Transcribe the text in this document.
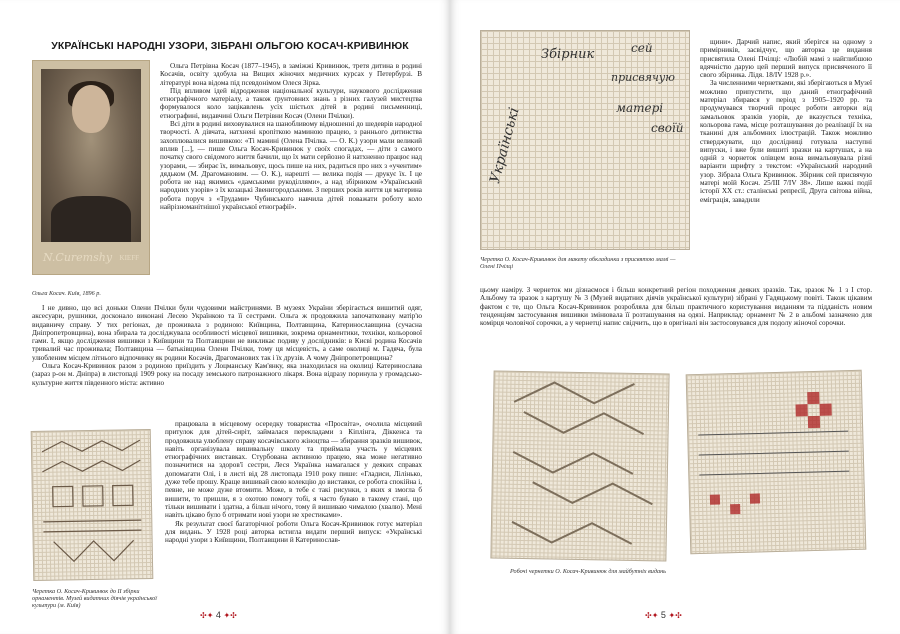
УКРАЇНСЬКІ НАРОДНІ УЗОРИ, ЗІБРАНІ ОЛЬГОЮ КОСАЧ-КРИВИНЮК
N.Curemshy KIEFF
Ольга Косач. Київ, 1896 р.

Ольга Петрівна Косач (1877–1945), в заміжжі Кривинюк, третя дитина в родині Косачів, освіту здобула на Вищих жіночих медичних курсах у Петербурзі. В літературі вона відома під псевдонімом Олеся Зірка.

Під впливом ідей відродження національної культури, наукового дослідження етнографічного матеріалу, а також ґрунтовних знань з різних галузей мистецтва формувалося коло зацікавлень усіх шістьох дітей в родині письменниці, етнографині, видавчині Ольги Петрівни Косач (Олени Пчілки).

Всі діти в родині виховувалися на шанобливому відношенні до шедеврів народної творчості. А дівчата, натхнені кропіткою маминою працею, з раннього дитинства захоплювалися вишивкою: «Ті мамині (Олена Пчілка. — О. К.) узори мали великий вплив [...], — пише Ольга Косач-Кривинюк у своїх спогадах, — діти з самого початку свого свідомого життя бачили, що їх мати серйозно й натхненно працює над узорами, — збирає їх, вимальовує, щось пише на них, радиться про них з «учентим» дядьком (М. Драгомановим. — О. К.), нарешті — велика подія — друкує їх. І це робота не над якимись «дамськими рукоділлями», а над збірником «Український народних узорів» з їх козацькі Звенигородськими. З перших років життя ця материна робота поруч з «Трудами» Чубинського навчила дітей поважати роботу коло найрізноманітнішої української етнографії».

І не дивно, що всі доньки Олени Пчілки були чудовими майстринями. В музеях України зберігається вишитий одяг, аксесуари, рушники, досконало виконані Лесею Українкою та її сестрами. Ольга ж продовжила започатковану матір'ю видавничу справу. У тих регіонах, де проживала з родиною: Київщина, Полтавщина, Катеринославщина (сучасна Дніпропетровщина), вона збирала та досліджувала особливості місцевої вишивки, зокрема орнаментики, техніки, кольорової гами. І, якщо дослідження вишивки з Київщини та Полтавщини не викликає подиву у дослідників: в Києві родина Косачів тривалий час проживала; Полтавщина — батьківщина Олени Пчілки, тому ця місцевість, а саме околиці м. Гадяча, була улюбленим місцем літнього відпочинку як родини Косачів, Драгоманових так і їх друзів. А чому Дніпропетровщина?

Ольга Косач-Кривинюк разом з родиною приїздить у Лоцманську Кам'янку, яка знаходилася на околиці Катеринослава (зараз р-он м. Дніпра) в листопаді 1909 року на посаду земського патронажного лікаря. Вона відразу поринула у громадсько-культурне життя південного міста: активно

Черетка О. Косач-Кривинюк до ІІ збірки орнаментів. Музей видатних діячів української культури (м. Київ)

працювала в місцевому осередку товариства «Просвіта», очолила місцевий притулок для дітей-сиріт, займалася перекладами з Кіплінга, Діккенса та продовжила улюблену справу косачівського жіноцтва — збирання зразків вишивок, навіть організувала вишивальну школу та приймала участь у місцевих етнографічних виставках. Стурбована активною працею, яка може негативно позначитися на здоров'ї сестри, Леся Українка намагалася у деяких справах допомагати Олі, і в листі від 28 листопада 1910 року пише: «Гладиси, Лілінько, дуже тебе прошу. Краще вишивай свою колекцію до виставки, се робота спокійна і, певне, не може дуже втомити. Може, в тебе є такі рисунки, з яких я змогла б вишити, то пришли, я з охотою помогу тобі, я часто буваю в такому стані, що тільки вишивати і здатна, а більш нічого, тому й вишиваю чималою (хвалю). Мені навіть цікаво було б отримати нові узори не хрестиками».

Як результат своєї багаторічної роботи Ольга Косач-Кривинюк готує матеріал для видань. У 1928 році авторка встигла видати перший випуск: «Українські народні узори з Київщини, Полтавщини й Катеринослав-

✣✦ 4 ✦✣
Збірник	сей
присвячую
матері
своїй
Українські
Черетка О. Косач-Кривинюк для макету обкладинки з присвятою мамі — Олені Пчілці

щини». Дарчий напис, який зберігся на одному з примірників, засвідчує, що авторка це видання присвятила Олені Пчілці: «Любій мамі з найглибшою вдячністю дарую цей перший випуск присвяченого її свого збірника. Лідя. 18/IV 1928 р.».

За численними чернетками, які зберігаються в Музеї можливо припустити, що даний етнографічний матеріал збирався у період з 1905–1920 рр. та продумувався творчий процес роботи авторки від замальовок зразків узорів, де вказується техніка, кольорова гама, місце розташування до реалізації їх на тканині для альбомних ілюстрацій. Також можливо стверджувати, що дослідниці готувала наступні випуски, і вже були вишиті зразки на картушах, а на одній з чорнеток олівцем вона вимальовувала різні варіанти шрифту з текстом: «Український народний узор. Зібрала Ольга Кривинюк. Збірник сей присвячую матері моїй Косач. 25/III 7/IV 38». Лише важкі події історії ХХ ст.: сталінські репресії, Друга світова війна, еміграція, завадили

цьому наміру. З чернеток ми дізнаємося і більш конкретний регіон походження деяких зразків. Так, зразок № 1 з І стор. Альбому та зразок з картушу № 3 (Музей видатних діячів української культури) зібрані у Гадяцькому повіті. Також цікавим фактом є те, що Ольга Косач-Кривинюк розробляла для більш практичного користування виданням та підданість новим тенденціям застосування вишивки змінювала її розташування на одязі. Наприклад: орнамент № 2 в альбомі зазначено для комірця чоловічої сорочки, а у чернетці напис свідчить, що в оригіналі він застосовувався для подолу жіночої сорочки.

Робочі чернетки О. Косач-Кривинюк для майбутніх видань
✣✦ 5 ✦✣
